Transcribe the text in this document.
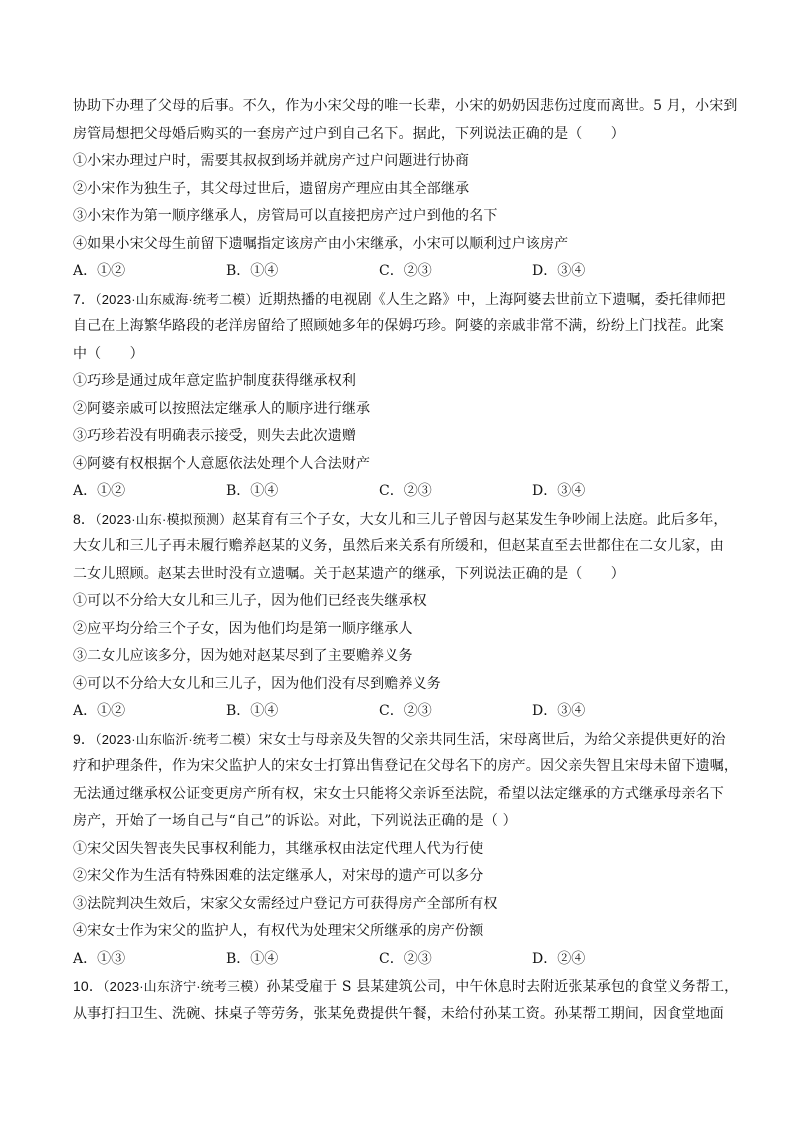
协助下办理了父母的后事。不久，作为小宋父母的唯一长辈，小宋的奶奶因悲伤过度而离世。5 月，小宋到
房管局想把父母婚后购买的一套房产过户到自己名下。据此，下列说法正确的是（　　）
①小宋办理过户时，需要其叔叔到场并就房产过户问题进行协商
②小宋作为独生子，其父母过世后，遗留房产理应由其全部继承
③小宋作为第一顺序继承人，房管局可以直接把房产过户到他的名下
④如果小宋父母生前留下遗嘱指定该房产由小宋继承，小宋可以顺利过户该房产
A．①②	B．①④	C．②③	D．③④
7．（2023·山东威海·统考二模）近期热播的电视剧《人生之路》中，上海阿婆去世前立下遗嘱，委托律师把
自己在上海繁华路段的老洋房留给了照顾她多年的保姆巧珍。阿婆的亲戚非常不满，纷纷上门找茬。此案
中（　　）
①巧珍是通过成年意定监护制度获得继承权利
②阿婆亲戚可以按照法定继承人的顺序进行继承
③巧珍若没有明确表示接受，则失去此次遗赠
④阿婆有权根据个人意愿依法处理个人合法财产
A．①②	B．①④	C．②③	D．③④
8．（2023·山东·模拟预测）赵某育有三个子女，大女儿和三儿子曾因与赵某发生争吵闹上法庭。此后多年，
大女儿和三儿子再未履行赡养赵某的义务，虽然后来关系有所缓和，但赵某直至去世都住在二女儿家，由
二女儿照顾。赵某去世时没有立遗嘱。关于赵某遗产的继承，下列说法正确的是（　　）
①可以不分给大女儿和三儿子，因为他们已经丧失继承权
②应平均分给三个子女，因为他们均是第一顺序继承人
③二女儿应该多分，因为她对赵某尽到了主要赡养义务
④可以不分给大女儿和三儿子，因为他们没有尽到赡养义务
A．①②	B．①④	C．②③	D．③④
9．（2023·山东临沂·统考二模）宋女士与母亲及失智的父亲共同生活，宋母离世后，为给父亲提供更好的治
疗和护理条件，作为宋父监护人的宋女士打算出售登记在父母名下的房产。因父亲失智且宋母未留下遗嘱，
无法通过继承权公证变更房产所有权，宋女士只能将父亲诉至法院，希望以法定继承的方式继承母亲名下
房产，开始了一场自己与“自己”的诉讼。对此，下列说法正确的是（ ）
①宋父因失智丧失民事权利能力，其继承权由法定代理人代为行使
②宋父作为生活有特殊困难的法定继承人，对宋母的遗产可以多分
③法院判决生效后，宋家父女需经过户登记方可获得房产全部所有权
④宋女士作为宋父的监护人，有权代为处理宋父所继承的房产份额
A．①③	B．①④	C．②③	D．②④
10．（2023·山东济宁·统考三模）孙某受雇于 S 县某建筑公司，中午休息时去附近张某承包的食堂义务帮工，
从事打扫卫生、洗碗、抹桌子等劳务，张某免费提供午餐，未给付孙某工资。孙某帮工期间，因食堂地面
